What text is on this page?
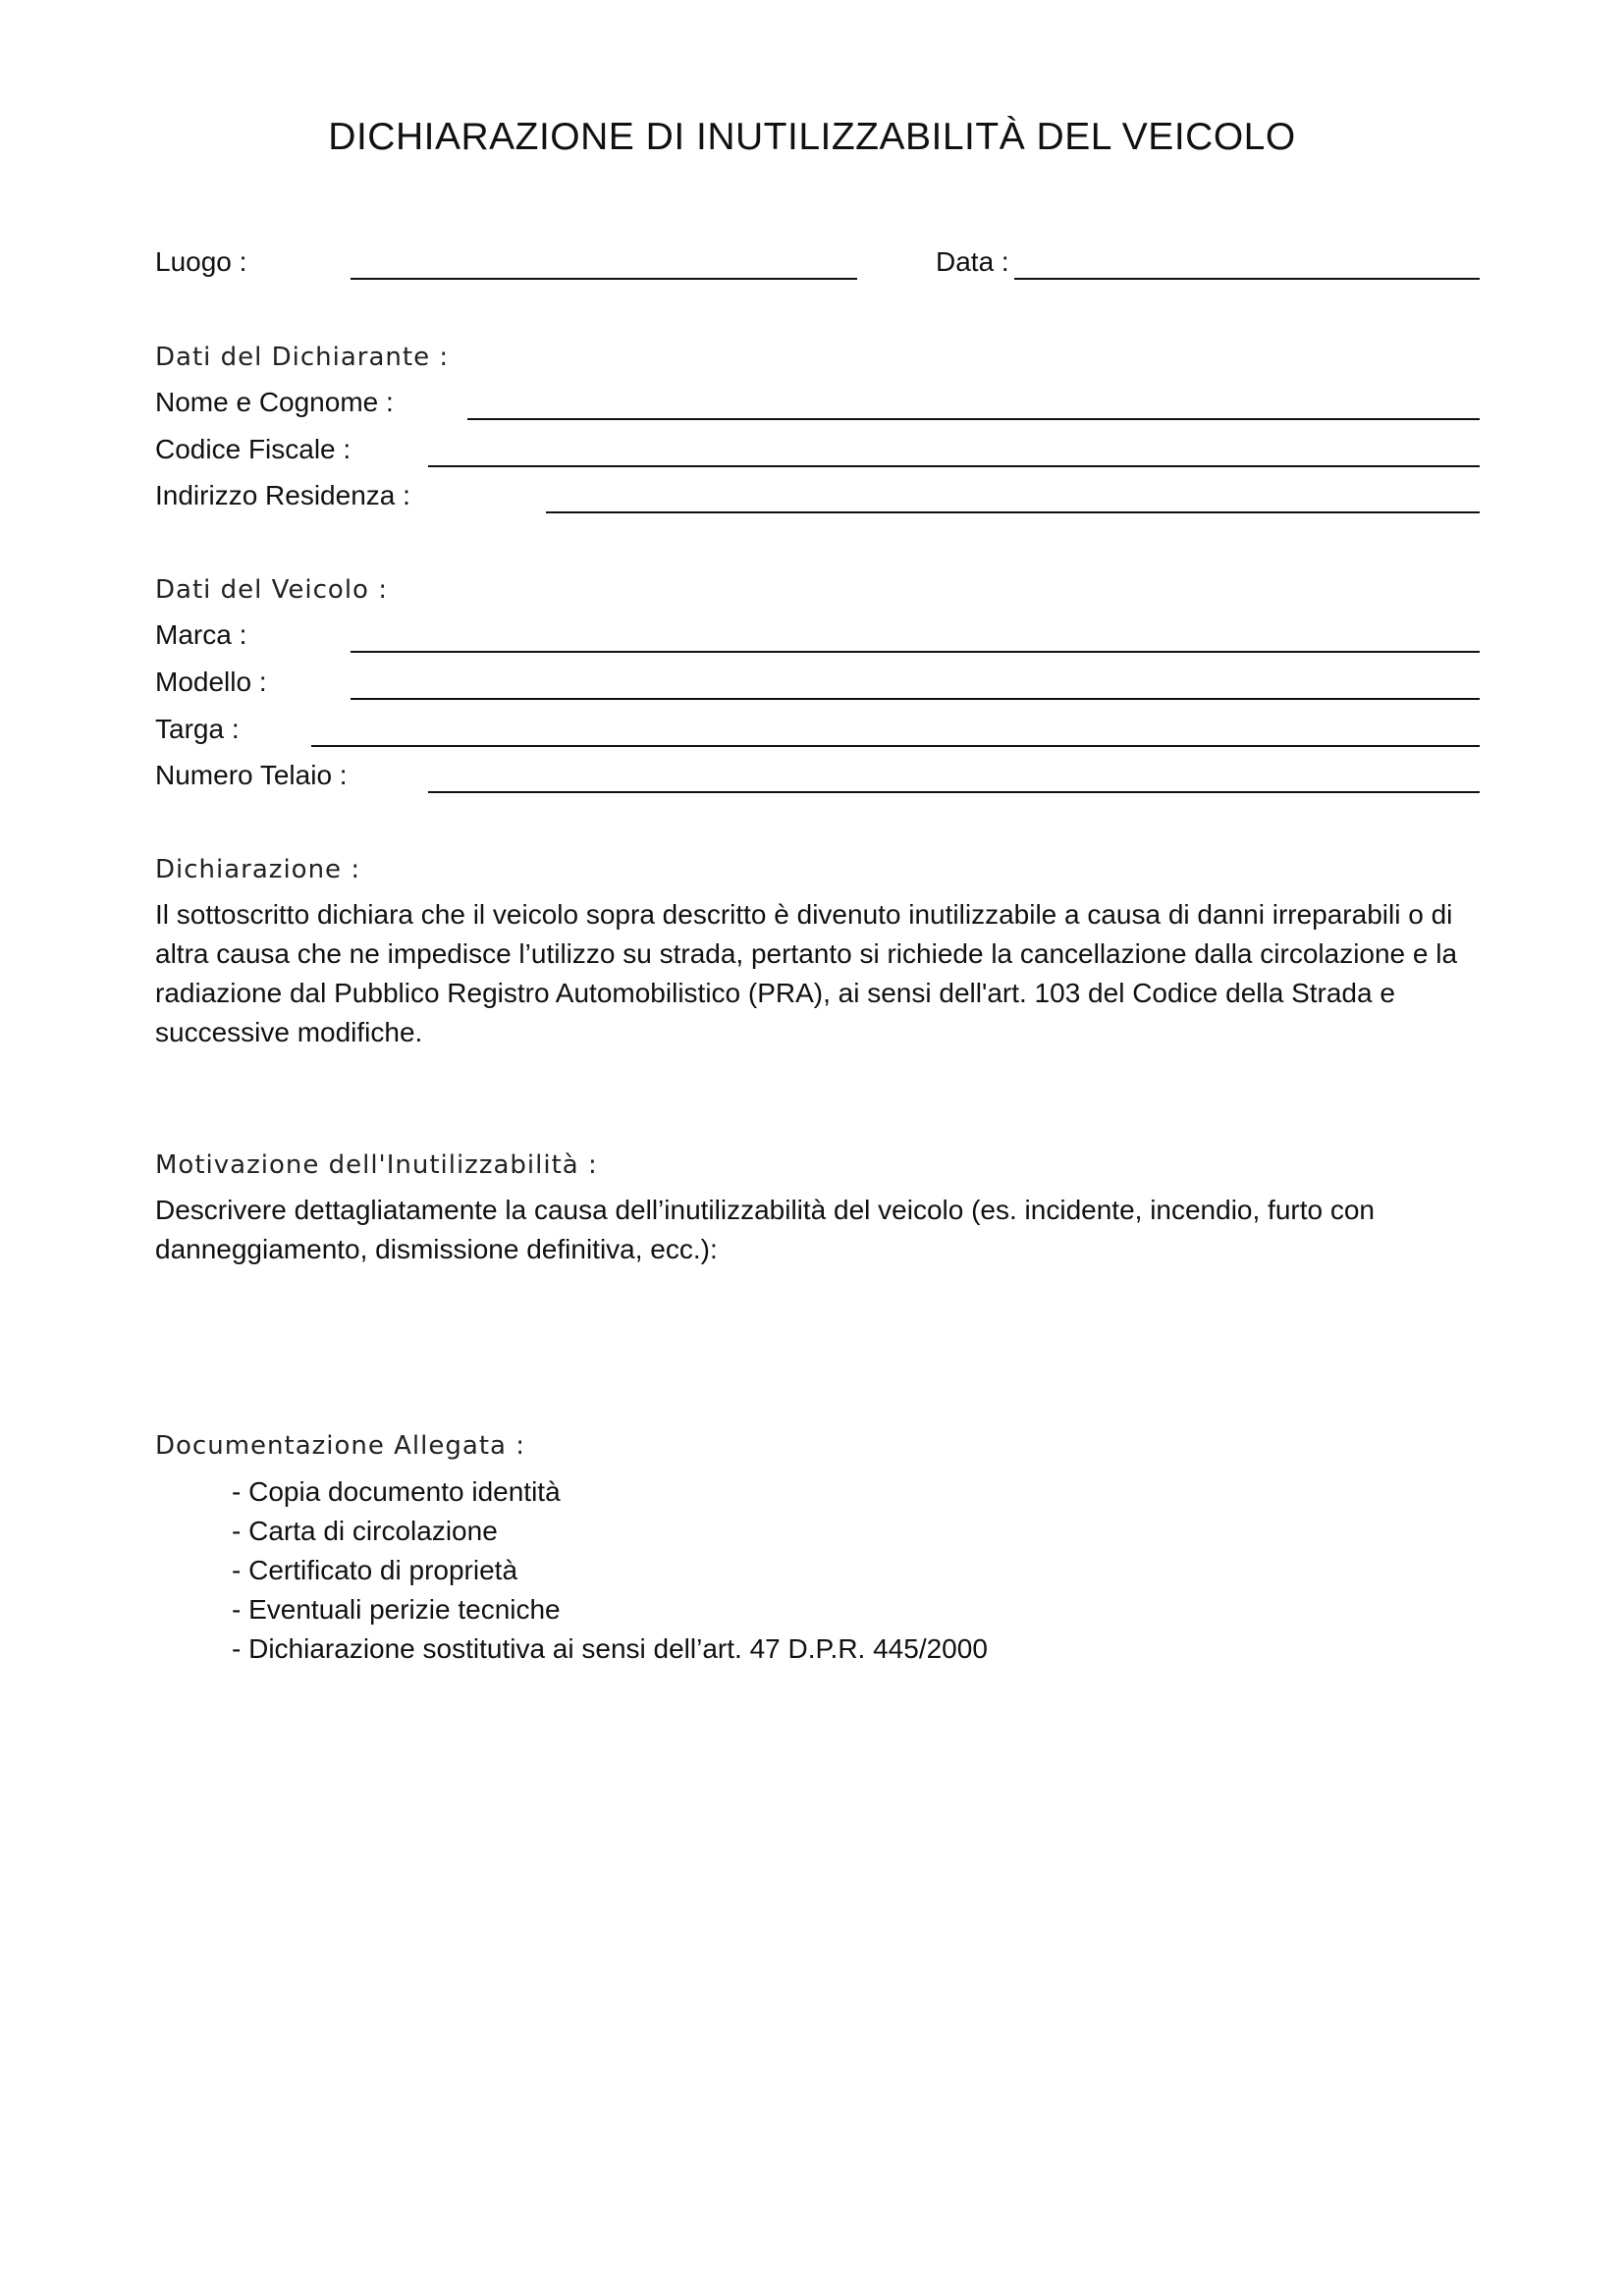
DICHIARAZIONE DI INUTILIZZABILITÀ DEL VEICOLO
Luogo :	Data :
Dati del Dichiarante :
Nome e Cognome :
Codice Fiscale :
Indirizzo Residenza :
Dati del Veicolo :
Marca :
Modello :
Targa :
Numero Telaio :
Dichiarazione :
Il sottoscritto dichiara che il veicolo sopra descritto è divenuto inutilizzabile a causa di danni irreparabili o di altra causa che ne impedisce l’utilizzo su strada, pertanto si richiede la cancellazione dalla circolazione e la radiazione dal Pubblico Registro Automobilistico (PRA), ai sensi dell'art. 103 del Codice della Strada e successive modifiche.
Motivazione dell'Inutilizzabilità :
Descrivere dettagliatamente la causa dell’inutilizzabilità del veicolo (es. incidente, incendio, furto con danneggiamento, dismissione definitiva, ecc.):
Documentazione Allegata :
- Copia documento identità
- Carta di circolazione
- Certificato di proprietà
- Eventuali perizie tecniche
- Dichiarazione sostitutiva ai sensi dell’art. 47 D.P.R. 445/2000
